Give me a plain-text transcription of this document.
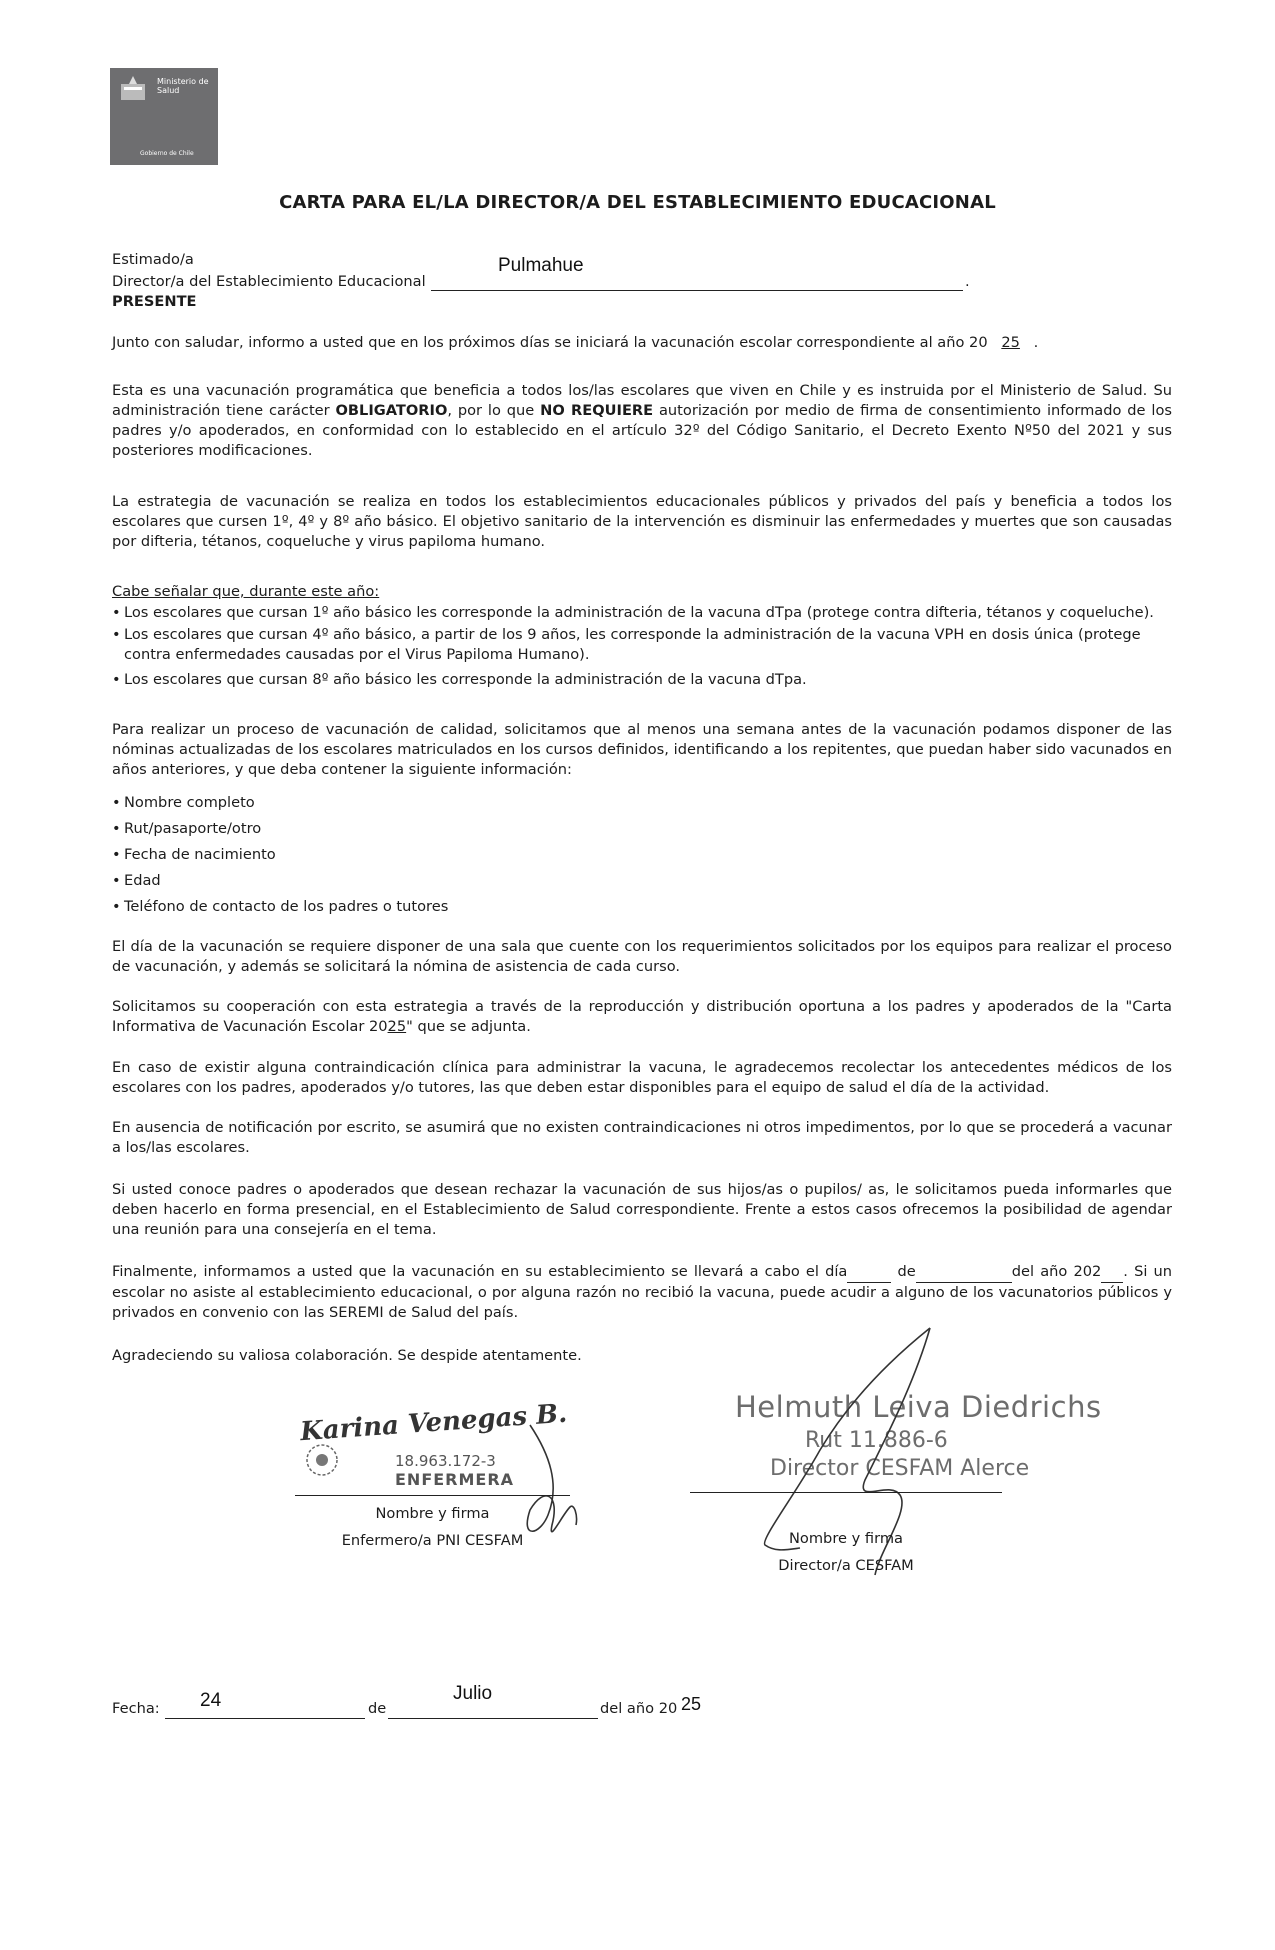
Ministerio de Salud
Gobierno de Chile
CARTA PARA EL/LA DIRECTOR/A DEL ESTABLECIMIENTO EDUCACIONAL
Estimado/a	Pulmahue
Director/a del Establecimiento Educacional	.
PRESENTE
Junto con saludar, informo a usted que en los próximos días se iniciará la vacunación escolar correspondiente al año 20 25 .
Esta es una vacunación programática que beneficia a todos los/las escolares que viven en Chile y es instruida por el Ministerio de Salud. Su administración tiene carácter OBLIGATORIO, por lo que NO REQUIERE autorización por medio de firma de consentimiento informado de los padres y/o apoderados, en conformidad con lo establecido en el artículo 32º del Código Sanitario, el Decreto Exento Nº50 del 2021 y sus posteriores modificaciones.
La estrategia de vacunación se realiza en todos los establecimientos educacionales públicos y privados del país y beneficia a todos los escolares que cursen 1º, 4º y 8º año básico. El objetivo sanitario de la intervención es disminuir las enfermedades y muertes que son causadas por difteria, tétanos, coqueluche y virus papiloma humano.
Cabe señalar que, durante este año:
• Los escolares que cursan 1º año básico les corresponde la administración de la vacuna dTpa (protege contra difteria, tétanos y coqueluche).
• Los escolares que cursan 4º año básico, a partir de los 9 años, les corresponde la administración de la vacuna VPH en dosis única (protege contra enfermedades causadas por el Virus Papiloma Humano).
• Los escolares que cursan 8º año básico les corresponde la administración de la vacuna dTpa.
Para realizar un proceso de vacunación de calidad, solicitamos que al menos una semana antes de la vacunación podamos disponer de las nóminas actualizadas de los escolares matriculados en los cursos definidos, identificando a los repitentes, que puedan haber sido vacunados en años anteriores, y que deba contener la siguiente información:
• Nombre completo
• Rut/pasaporte/otro
• Fecha de nacimiento
• Edad
• Teléfono de contacto de los padres o tutores
El día de la vacunación se requiere disponer de una sala que cuente con los requerimientos solicitados por los equipos para realizar el proceso de vacunación, y además se solicitará la nómina de asistencia de cada curso.
Solicitamos su cooperación con esta estrategia a través de la reproducción y distribución oportuna a los padres y apoderados de la "Carta Informativa de Vacunación Escolar 2025" que se adjunta.
En caso de existir alguna contraindicación clínica para administrar la vacuna, le agradecemos recolectar los antecedentes médicos de los escolares con los padres, apoderados y/o tutores, las que deben estar disponibles para el equipo de salud el día de la actividad.
En ausencia de notificación por escrito, se asumirá que no existen contraindicaciones ni otros impedimentos, por lo que se procederá a vacunar a los/las escolares.
Si usted conoce padres o apoderados que desean rechazar la vacunación de sus hijos/as o pupilos/ as, le solicitamos pueda informarles que deben hacerlo en forma presencial, en el Establecimiento de Salud correspondiente. Frente a estos casos ofrecemos la posibilidad de agendar una reunión para una consejería en el tema.
Finalmente, informamos a usted que la vacunación en su establecimiento se llevará a cabo el día	de	del año 202 . Si un escolar no asiste al establecimiento educacional, o por alguna razón no recibió la vacuna, puede acudir a alguno de los vacunatorios públicos y privados en convenio con las SEREMI de Salud del país.
Agradeciendo su valiosa colaboración. Se despide atentamente.
Karina Venegas B.
18.963.172-3
ENFERMERA
Nombre y firma
Enfermero/a PNI CESFAM
Helmuth Leiva Diedrichs
Rut 11.886-6
Director CESFAM Alerce
Nombre y firma
Director/a CESFAM
Fecha: 24	de
Julio
del año 20 25
